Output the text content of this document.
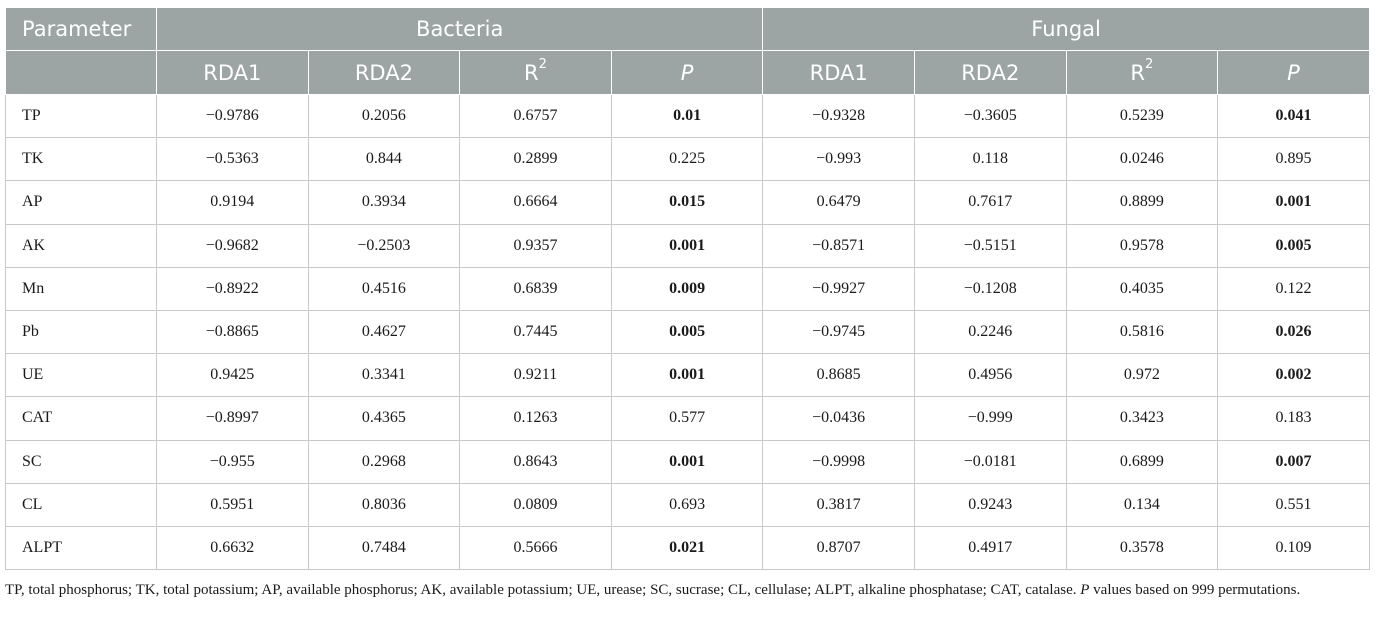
Parameter	Bacteria				Fungal			
	RDA1	RDA2	$R^2$	P	RDA1	RDA2	$R^2$	P
TP	−0.9786	0.2056	0.6757	0.01	−0.9328	−0.3605	0.5239	0.041
TK	−0.5363	0.844	0.2899	0.225	−0.993	0.118	0.0246	0.895
AP	0.9194	0.3934	0.6664	0.015	0.6479	0.7617	0.8899	0.001
AK	−0.9682	−0.2503	0.9357	0.001	−0.8571	−0.5151	0.9578	0.005
Mn	−0.8922	0.4516	0.6839	0.009	−0.9927	−0.1208	0.4035	0.122
Pb	−0.8865	0.4627	0.7445	0.005	−0.9745	0.2246	0.5816	0.026
UE	0.9425	0.3341	0.9211	0.001	0.8685	0.4956	0.972	0.002
CAT	−0.8997	0.4365	0.1263	0.577	−0.0436	−0.999	0.3423	0.183
SC	−0.955	0.2968	0.8643	0.001	−0.9998	−0.0181	0.6899	0.007
CL	0.5951	0.8036	0.0809	0.693	0.3817	0.9243	0.134	0.551
ALPT	0.6632	0.7484	0.5666	0.021	0.8707	0.4917	0.3578	0.109
TP, total phosphorus; TK, total potassium; AP, available phosphorus; AK, available potassium; UE, urease; SC, sucrase; CL, cellulase; ALPT, alkaline phosphatase; CAT, catalase. P values based on 999 permutations.
